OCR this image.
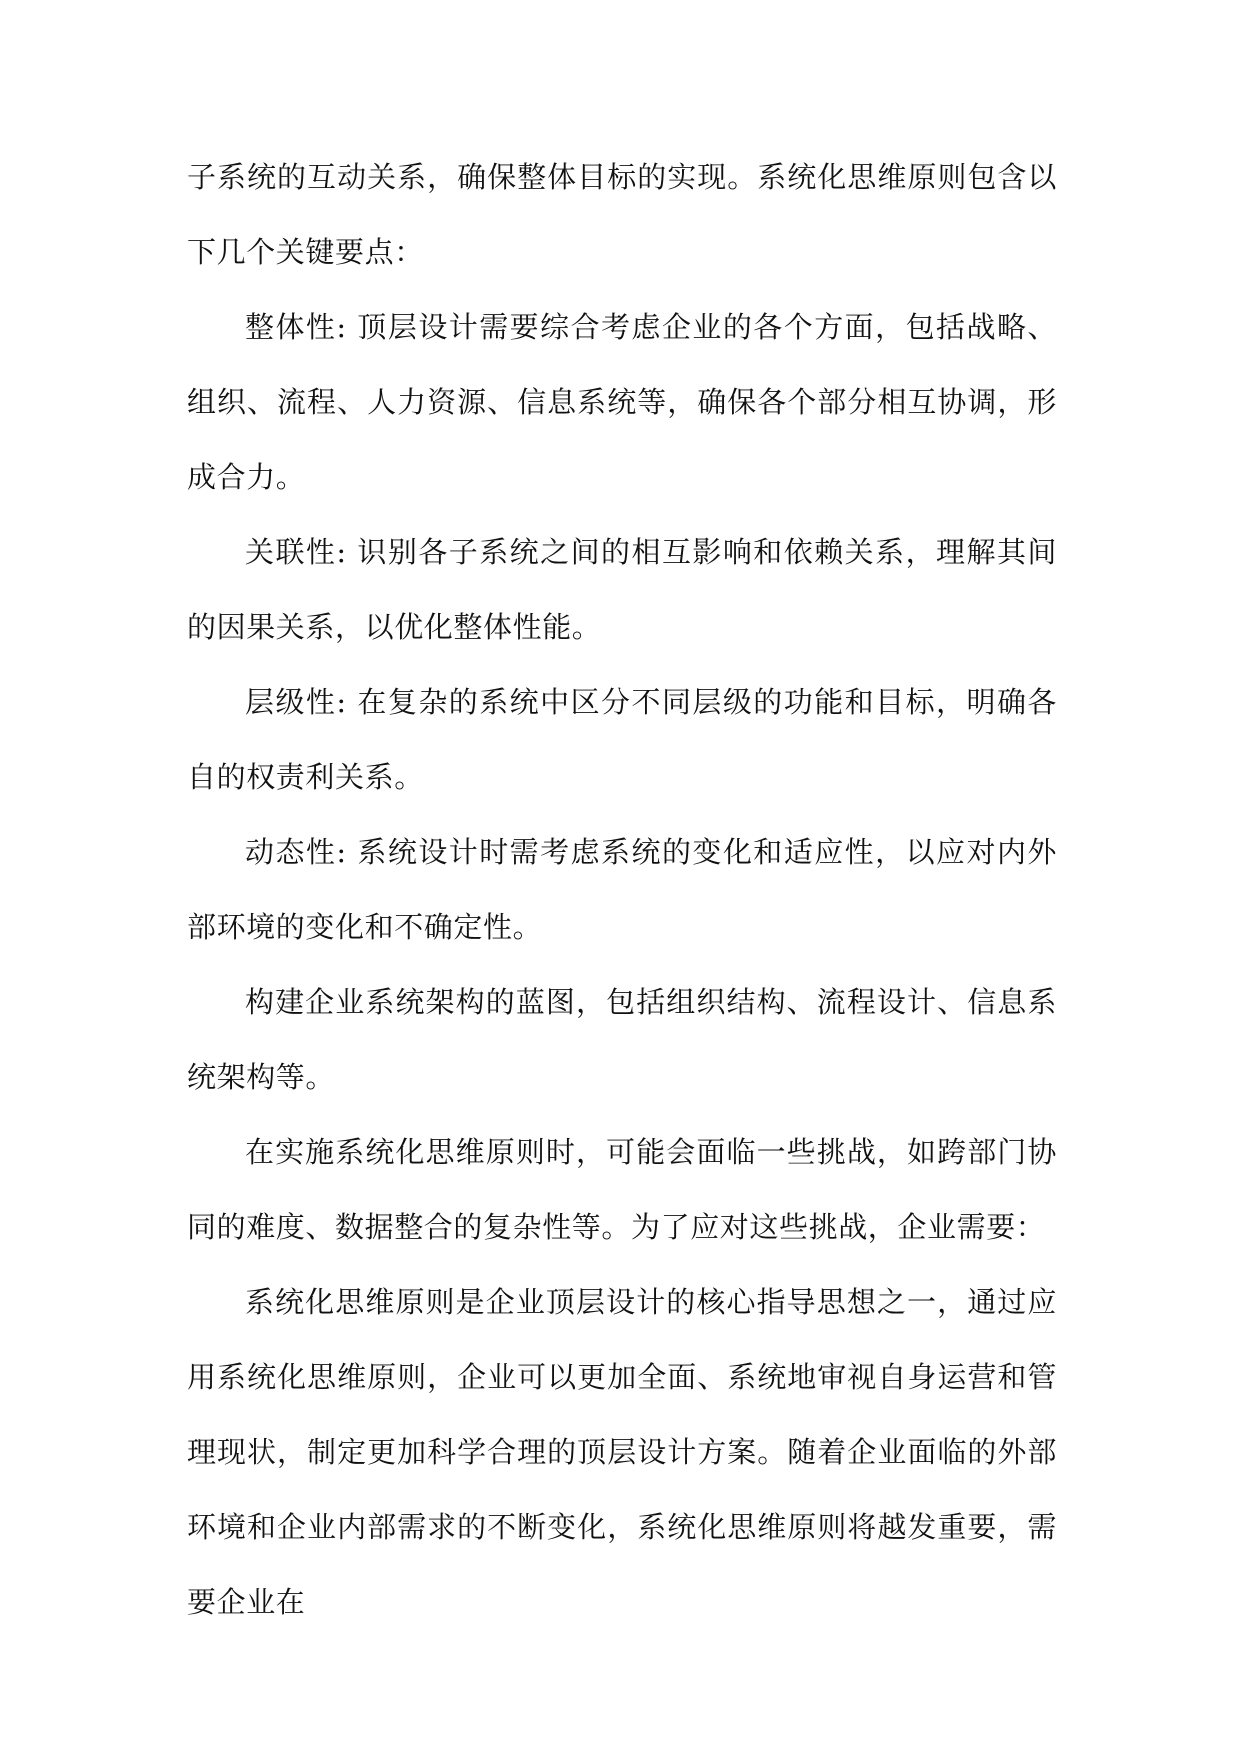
子系统的互动关系，确保整体目标的实现。系统化思维原则包含以下几个关键要点：

整体性: 顶层设计需要综合考虑企业的各个方面，包括战略、组织、流程、人力资源、信息系统等，确保各个部分相互协调，形成合力。

关联性: 识别各子系统之间的相互影响和依赖关系，理解其间的因果关系，以优化整体性能。

层级性: 在复杂的系统中区分不同层级的功能和目标，明确各自的权责利关系。

动态性: 系统设计时需考虑系统的变化和适应性，以应对内外部环境的变化和不确定性。

构建企业系统架构的蓝图，包括组织结构、流程设计、信息系统架构等。

在实施系统化思维原则时，可能会面临一些挑战，如跨部门协同的难度、数据整合的复杂性等。为了应对这些挑战，企业需要：

系统化思维原则是企业顶层设计的核心指导思想之一，通过应用系统化思维原则，企业可以更加全面、系统地审视自身运营和管理现状，制定更加科学合理的顶层设计方案。随着企业面临的外部环境和企业内部需求的不断变化，系统化思维原则将越发重要，需要企业在
